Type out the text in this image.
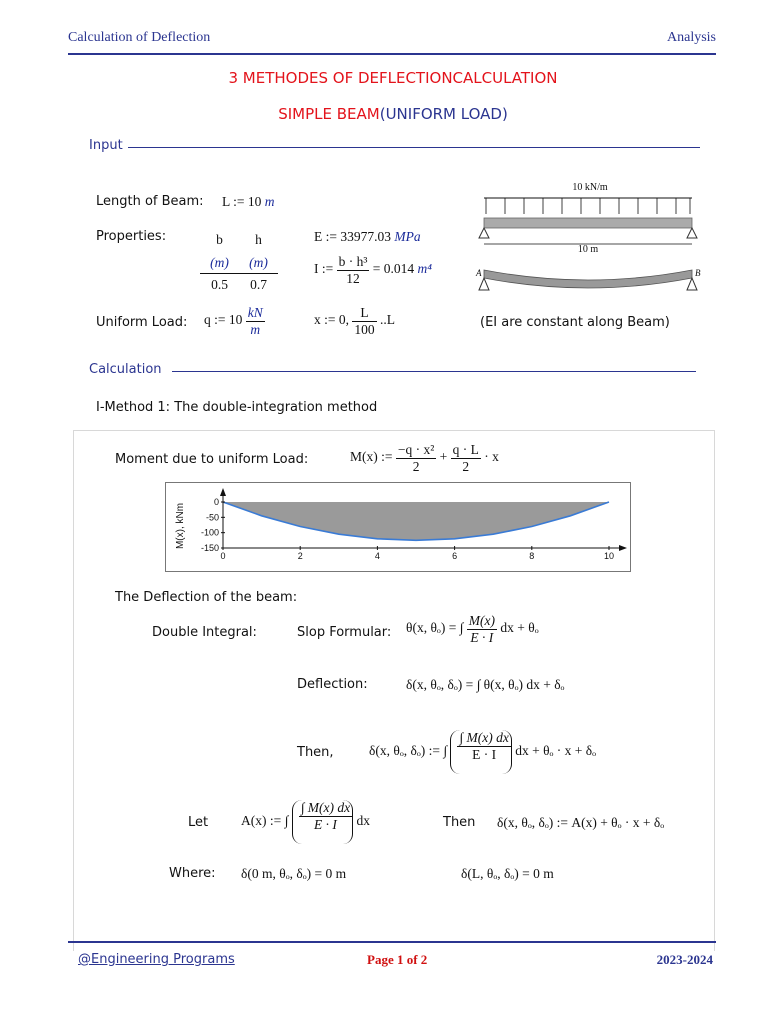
Calculation of Deflection	Analysis
3 METHODES OF DEFLECTIONCALCULATION
SIMPLE BEAM(UNIFORM LOAD)
Input
Length of Beam: L := 10 m
Properties:	b h
(m) (m)
0.5 0.7
E := 33977.03 MPa
I := $\frac{\text{b · h³}}{12} = 0.014$ m⁴
Uniform Load: q := $10 \frac{kN}{m}$	x := 0, $\frac{L}{100} ..L$	(EI are constant along Beam)
10 kN/m
10 m
A	B
Calculation
I-Method 1: The double-integration method
Moment due to uniform Load:	M(x) := $\frac{\text{−q · x²}}{2} + \frac{q \cdot L}{2} \cdot x$
M(x), kNm
0	2	4	6	8	10
0
-50
-100
-150
The Deflection of the beam:
Double Integral:	Slop Formular: θ(x, θₒ) = ∫ $\frac{M(x)}{E \cdot I}$ dx + θₒ
Deflection:	δ(x, θₒ, δₒ) = ∫ θ(x, θₒ) dx + δₒ
Then,	δ(x, θₒ, δₒ) := ∫ $\frac{\int M(x) dx}{E \cdot I}$ dx + θₒ · x + δₒ
Let A(x) := ∫ $\frac{\int M(x) dx}{E \cdot I}$ dx	Then δ(x, θₒ, δₒ) := A(x) + θₒ · x + δₒ
Where: δ(0 m, θₒ, δₒ) = 0 m	δ(L, θₒ, δₒ) = 0 m
@Engineering Programs	Page 1 of 2	2023-2024
